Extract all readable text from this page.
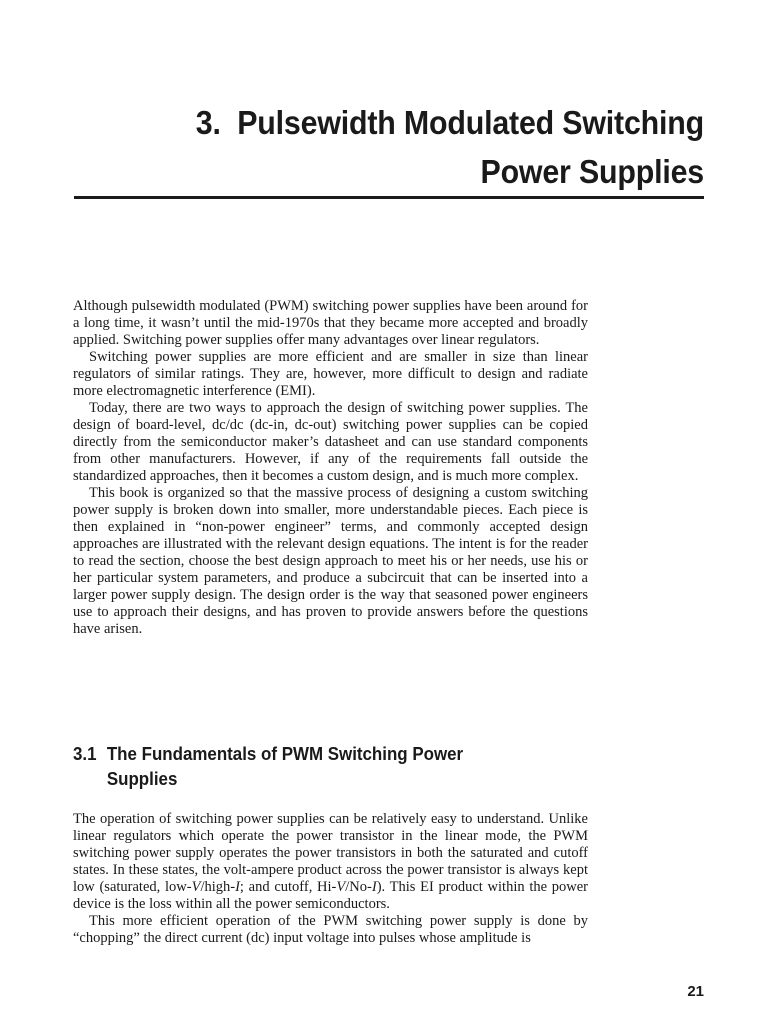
3. Pulsewidth Modulated Switching
Power Supplies

Although pulsewidth modulated (PWM) switching power supplies have been around for a long time, it wasn’t until the mid-1970s that they became more accepted and broadly applied. Switching power supplies offer many advantages over linear regulators.

Switching power supplies are more efficient and are smaller in size than linear regulators of similar ratings. They are, however, more difficult to design and radiate more electromagnetic interference (EMI).

Today, there are two ways to approach the design of switching power supplies. The design of board-level, dc/dc (dc-in, dc-out) switching power supplies can be copied directly from the semiconductor maker’s datasheet and can use standard components from other manufacturers. However, if any of the requirements fall outside the standardized approaches, then it becomes a custom design, and is much more complex.

This book is organized so that the massive process of designing a custom switching power supply is broken down into smaller, more understandable pieces. Each piece is then explained in “non-power engineer” terms, and commonly accepted design approaches are illustrated with the relevant design equations. The intent is for the reader to read the section, choose the best design approach to meet his or her needs, use his or her particular system parameters, and produce a subcircuit that can be inserted into a larger power supply design. The design order is the way that seasoned power engineers use to approach their designs, and has proven to provide answers before the questions have arisen.

3.1 The Fundamentals of PWM Switching Power
Supplies

The operation of switching power supplies can be relatively easy to understand. Unlike linear regulators which operate the power transistor in the linear mode, the PWM switching power supply operates the power transistors in both the saturated and cutoff states. In these states, the volt-ampere product across the power transistor is always kept low (saturated, low-V/high-I; and cutoff, Hi-V/No-I). This EI product within the power device is the loss within all the power semiconductors.

This more efficient operation of the PWM switching power supply is done by “chopping” the direct current (dc) input voltage into pulses whose amplitude is

21
